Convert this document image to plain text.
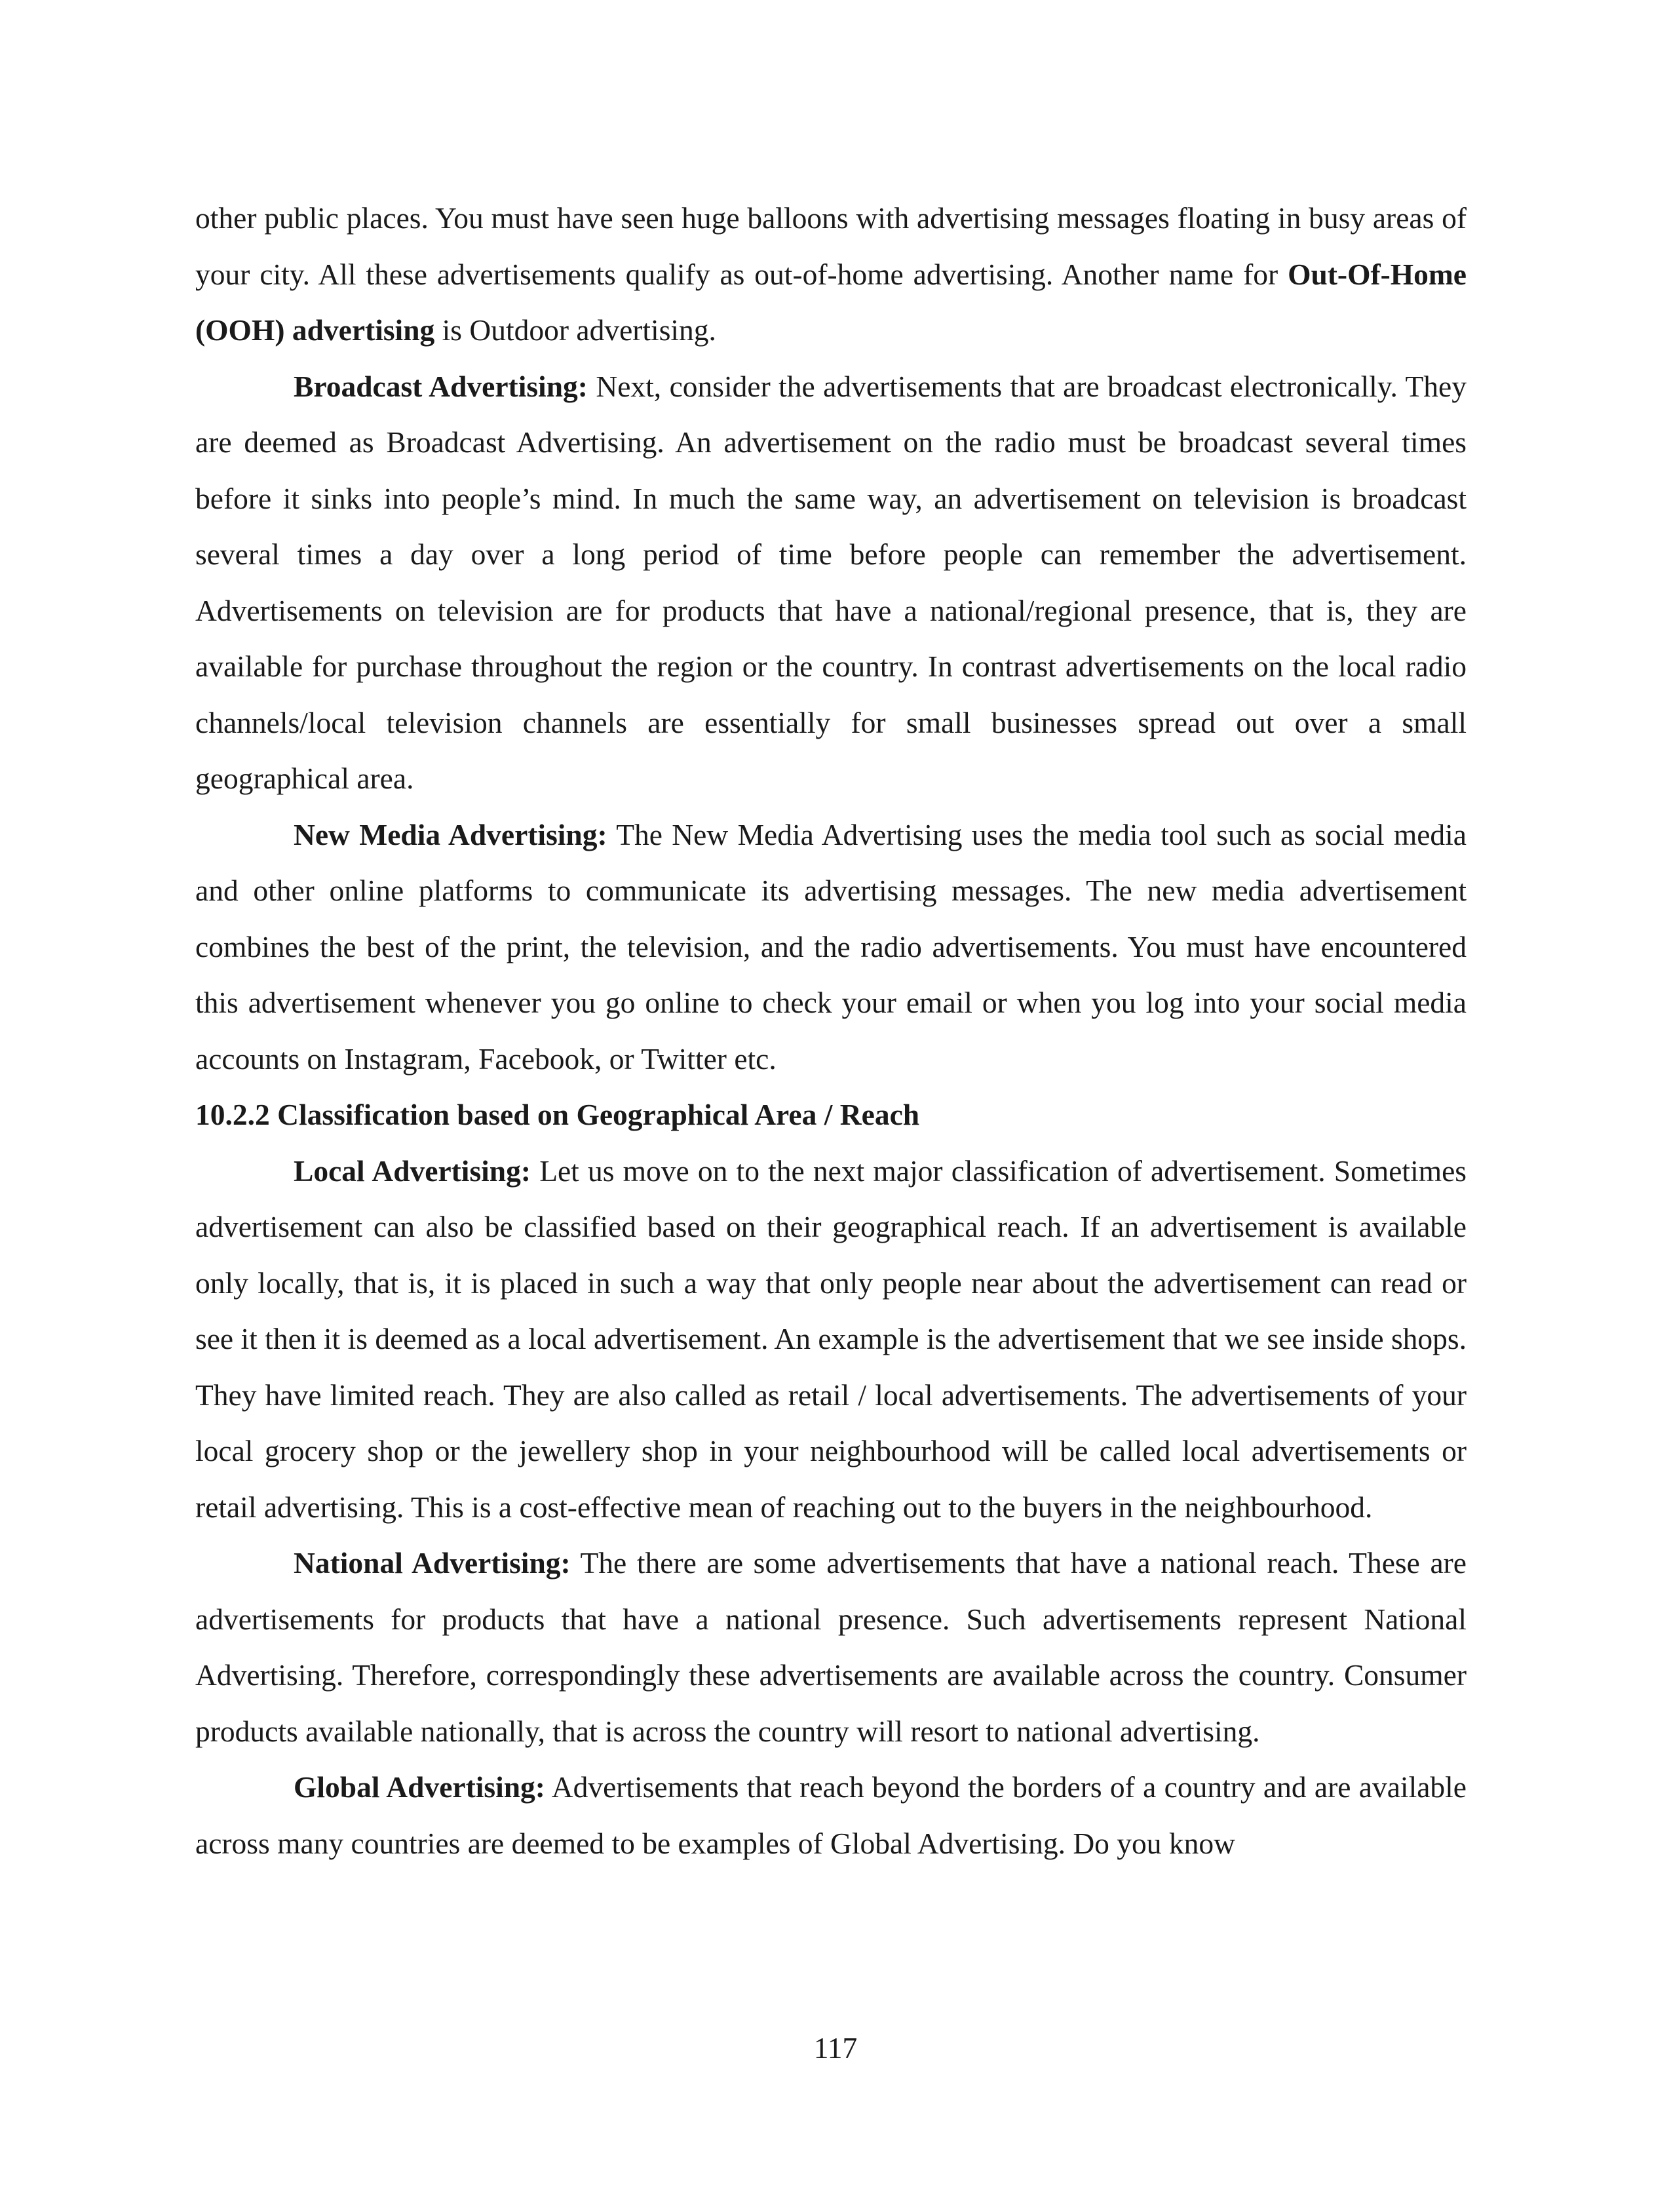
other public places. You must have seen huge balloons with advertising messages floating in busy areas of your city. All these advertisements qualify as out-of-home advertising. Another name for Out-Of-Home (OOH) advertising is Outdoor advertising.

Broadcast Advertising: Next, consider the advertisements that are broadcast electronically. They are deemed as Broadcast Advertising. An advertisement on the radio must be broadcast several times before it sinks into people’s mind. In much the same way, an advertisement on television is broadcast several times a day over a long period of time before people can remember the advertisement. Advertisements on television are for products that have a national/regional presence, that is, they are available for purchase throughout the region or the country. In contrast advertisements on the local radio channels/local television channels are essentially for small businesses spread out over a small geographical area.

New Media Advertising: The New Media Advertising uses the media tool such as social media and other online platforms to communicate its advertising messages. The new media advertisement combines the best of the print, the television, and the radio advertisements. You must have encountered this advertisement whenever you go online to check your email or when you log into your social media accounts on Instagram, Facebook, or Twitter etc.

10.2.2 Classification based on Geographical Area / Reach

Local Advertising: Let us move on to the next major classification of advertisement. Sometimes advertisement can also be classified based on their geographical reach. If an advertisement is available only locally, that is, it is placed in such a way that only people near about the advertisement can read or see it then it is deemed as a local advertisement. An example is the advertisement that we see inside shops. They have limited reach. They are also called as retail / local advertisements. The advertisements of your local grocery shop or the jewellery shop in your neighbourhood will be called local advertisements or retail advertising. This is a cost-effective mean of reaching out to the buyers in the neighbourhood.

National Advertising: The there are some advertisements that have a national reach. These are advertisements for products that have a national presence. Such advertisements represent National Advertising. Therefore, correspondingly these advertisements are available across the country. Consumer products available nationally, that is across the country will resort to national advertising.

Global Advertising: Advertisements that reach beyond the borders of a country and are available across many countries are deemed to be examples of Global Advertising. Do you know

117
